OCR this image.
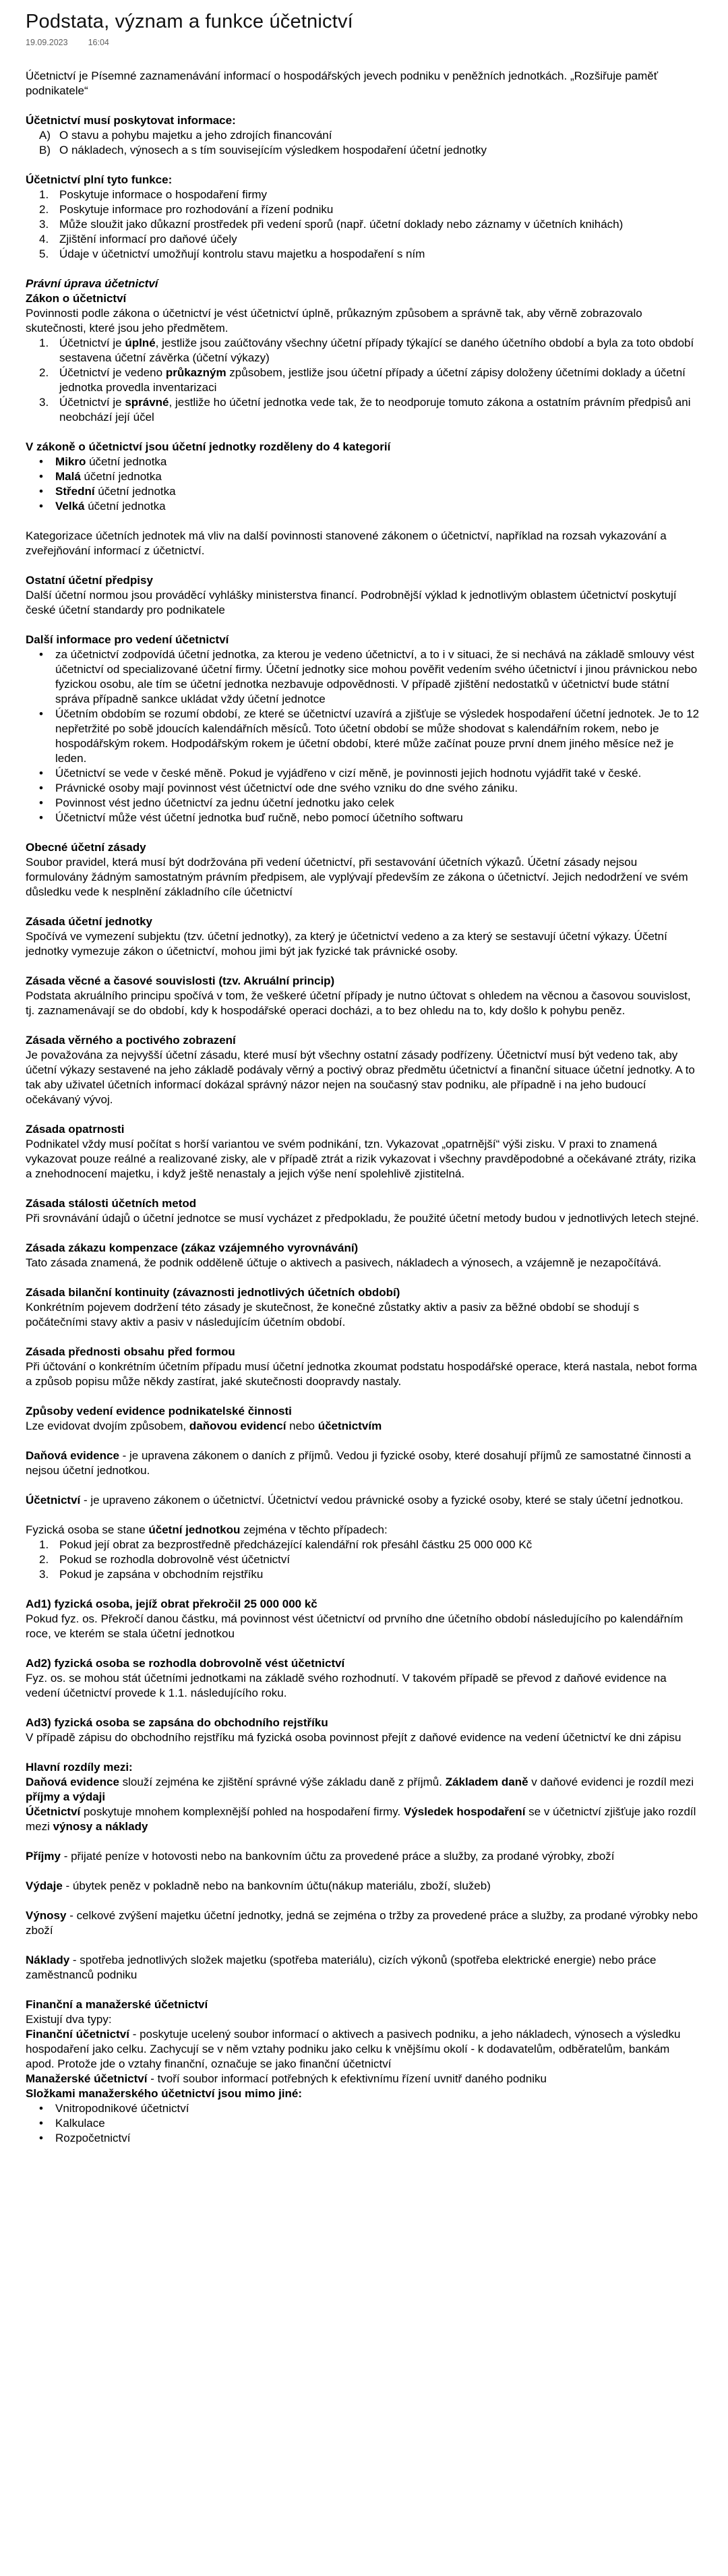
Podstata, význam a funkce účetnictví
19.09.2023 16:04

Účetnictví je Písemné zaznamenávání informací o hospodářských jevech podniku v peněžních jednotkách. „Rozšiřuje paměť podnikatele“

Účetnictví musí poskytovat informace:

A) O stavu a pohybu majetku a jeho zdrojích financování
B) O nákladech, výnosech a s tím souvisejícím výsledkem hospodaření účetní jednotky

Účetnictví plní tyto funkce:

1. Poskytuje informace o hospodaření firmy
2. Poskytuje informace pro rozhodování a řízení podniku
3. Může sloužit jako důkazní prostředek při vedení sporů (např. účetní doklady nebo záznamy v účetních knihách)
4. Zjištění informací pro daňové účely
5. Údaje v účetnictví umožňují kontrolu stavu majetku a hospodaření s ním

Právní úprava účetnictví

Zákon o účetnictví

Povinnosti podle zákona o účetnictví je vést účetnictví úplně, průkazným způsobem a správně tak, aby věrně zobrazovalo skutečnosti, které jsou jeho předmětem.

1. Účetnictví je úplné, jestliže jsou zaúčtovány všechny účetní případy týkající se daného účetního období a byla za toto období sestavena účetní závěrka (účetní výkazy)
2. Účetnictví je vedeno průkazným způsobem, jestliže jsou účetní případy a účetní zápisy doloženy účetními doklady a účetní jednotka provedla inventarizaci
3. Účetnictví je správné, jestliže ho účetní jednotka vede tak, že to neodporuje tomuto zákona a ostatním právním předpisů ani neobchází její účel

V zákoně o účetnictví jsou účetní jednotky rozděleny do 4 kategorií

•	Mikro účetní jednotka
•	Malá účetní jednotka
•	Střední účetní jednotka
•	Velká účetní jednotka

Kategorizace účetních jednotek má vliv na další povinnosti stanovené zákonem o účetnictví, například na rozsah vykazování a zveřejňování informací z účetnictví.

Ostatní účetní předpisy

Další účetní normou jsou prováděcí vyhlášky ministerstva financí. Podrobnější výklad k jednotlivým oblastem účetnictví poskytují české účetní standardy pro podnikatele

Další informace pro vedení účetnictví

•	za účetnictví zodpovídá účetní jednotka, za kterou je vedeno účetnictví, a to i v situaci, že si nechává na základě smlouvy vést účetnictví od specializované účetní firmy. Účetní jednotky sice mohou pověřit vedením svého účetnictví i jinou právnickou nebo fyzickou osobu, ale tím se účetní jednotka nezbavuje odpovědnosti. V případě zjištění nedostatků v účetnictví bude státní správa případně sankce ukládat vždy účetní jednotce
•	Účetním obdobím se rozumí období, ze které se účetnictví uzavírá a zjišťuje se výsledek hospodaření účetní jednotek. Je to 12 nepřetržité po sobě jdoucích kalendářních měsíců. Toto účetní období se může shodovat s kalendářním rokem, nebo je hospodářským rokem. Hodpodářským rokem je účetní období, které může začínat pouze první dnem jiného měsíce než je leden.
•	Účetnictví se vede v české měně. Pokud je vyjádřeno v cizí měně, je povinnosti jejich hodnotu vyjádřit také v české.
•	Právnické osoby mají povinnost vést účetnictví ode dne svého vzniku do dne svého zániku.
•	Povinnost vést jedno účetnictví za jednu účetní jednotku jako celek
•	Účetnictví může vést účetní jednotka buď ručně, nebo pomocí účetního softwaru

Obecné účetní zásady

Soubor pravidel, která musí být dodržována při vedení účetnictví, při sestavování účetních výkazů. Účetní zásady nejsou formulovány žádným samostatným právním předpisem, ale vyplývají především ze zákona o účetnictví. Jejich nedodržení ve svém důsledku vede k nesplnění základního cíle účetnictví

Zásada účetní jednotky

Spočívá ve vymezení subjektu (tzv. účetní jednotky), za který je účetnictví vedeno a za který se sestavují účetní výkazy. Účetní jednotky vymezuje zákon o účetnictví, mohou jimi být jak fyzické tak právnické osoby.

Zásada věcné a časové souvislosti (tzv. Akruální princip)

Podstata akruálního principu spočívá v tom, že veškeré účetní případy je nutno účtovat s ohledem na věcnou a časovou souvislost, tj. zaznamenávají se do období, kdy k hospodářské operaci docházi, a to bez ohledu na to, kdy došlo k pohybu peněz.

Zásada věrného a poctivého zobrazení

Je považována za nejvyšší účetní zásadu, které musí být všechny ostatní zásady podřízeny. Účetnictví musí být vedeno tak, aby účetní výkazy sestavené na jeho základě podávaly věrný a poctivý obraz předmětu účetnictví a finanční situace účetní jednotky. A to tak aby uživatel účetních informací dokázal správný názor nejen na současný stav podniku, ale případně i na jeho budoucí očekávaný vývoj.

Zásada opatrnosti

Podnikatel vždy musí počítat s horší variantou ve svém podnikání, tzn. Vykazovat „opatrnější“ výši zisku. V praxi to znamená vykazovat pouze reálné a realizované zisky, ale v případě ztrát a rizik vykazovat i všechny pravděpodobné a očekávané ztráty, rizika a znehodnocení majetku, i když ještě nenastaly a jejich výše není spolehlivě zjistitelná.

Zásada stálosti účetních metod

Při srovnávání údajů o účetní jednotce se musí vycházet z předpokladu, že použité účetní metody budou v jednotlivých letech stejné.

Zásada zákazu kompenzace (zákaz vzájemného vyrovnávání)

Tato zásada znamená, že podnik odděleně účtuje o aktivech a pasivech, nákladech a výnosech, a vzájemně je nezapočítává.

Zásada bilanční kontinuity (závaznosti jednotlivých účetních období)

Konkrétním pojevem dodržení této zásady je skutečnost, že konečné zůstatky aktiv a pasiv za běžné období se shodují s počátečními stavy aktiv a pasiv v následujícím účetním období.

Zásada přednosti obsahu před formou

Při účtování o konkrétním účetním případu musí účetní jednotka zkoumat podstatu hospodářské operace, která nastala, nebot forma a způsob popisu může někdy zastírat, jaké skutečnosti doopravdy nastaly.

Způsoby vedení evidence podnikatelské činnosti

Lze evidovat dvojím způsobem, daňovou evidencí nebo účetnictvím

Daňová evidence - je upravena zákonem o daních z příjmů. Vedou ji fyzické osoby, které dosahují příjmů ze samostatné činnosti a nejsou účetní jednotkou.

Účetnictví - je upraveno zákonem o účetnictví. Účetnictví vedou právnické osoby a fyzické osoby, které se staly účetní jednotkou.

Fyzická osoba se stane účetní jednotkou zejména v těchto případech:

1. Pokud její obrat za bezprostředně předcházející kalendářní rok přesáhl částku 25 000 000 Kč
2. Pokud se rozhodla dobrovolně vést účetnictví
3. Pokud je zapsána v obchodním rejstříku

Ad1) fyzická osoba, jejíž obrat překročil 25 000 000 kč

Pokud fyz. os. Překročí danou částku, má povinnost vést účetnictví od prvního dne účetního období následujícího po kalendářním roce, ve kterém se stala účetní jednotkou

Ad2) fyzická osoba se rozhodla dobrovolně vést účetnictví

Fyz. os. se mohou stát účetními jednotkami na základě svého rozhodnutí. V takovém případě se převod z daňové evidence na vedení účetnictví provede k 1.1. následujícího roku.

Ad3) fyzická osoba se zapsána do obchodního rejstříku

V případě zápisu do obchodního rejstříku má fyzická osoba povinnost přejít z daňové evidence na vedení účetnictví ke dni zápisu

Hlavní rozdíly mezi:

Daňová evidence slouží zejména ke zjištění správné výše základu daně z příjmů. Základem daně v daňové evidenci je rozdíl mezi příjmy a výdaji

Účetnictví poskytuje mnohem komplexnější pohled na hospodaření firmy. Výsledek hospodaření se v účetnictví zjišťuje jako rozdíl mezi výnosy a náklady

Příjmy - přijaté peníze v hotovosti nebo na bankovním účtu za provedené práce a služby, za prodané výrobky, zboží

Výdaje - úbytek peněz v pokladně nebo na bankovním účtu(nákup materiálu, zboží, služeb)

Výnosy - celkové zvýšení majetku účetní jednotky, jedná se zejména o tržby za provedené práce a služby, za prodané výrobky nebo zboží

Náklady - spotřeba jednotlivých složek majetku (spotřeba materiálu), cizích výkonů (spotřeba elektrické energie) nebo práce zaměstnanců podniku

Finanční a manažerské účetnictví

Existují dva typy:

Finanční účetnictví - poskytuje ucelený soubor informací o aktivech a pasivech podniku, a jeho nákladech, výnosech a výsledku hospodaření jako celku. Zachycují se v něm vztahy podniku jako celku k vnějšímu okolí - k dodavatelům, odběratelům, bankám apod. Protože jde o vztahy finanční, označuje se jako finanční účetnictví

Manažerské účetnictví - tvoří soubor informací potřebných k efektivnímu řízení uvnitř daného podniku

Složkami manažerského účetnictví jsou mimo jiné:

•	Vnitropodnikové účetnictví
•	Kalkulace
•	Rozpočetnictví
